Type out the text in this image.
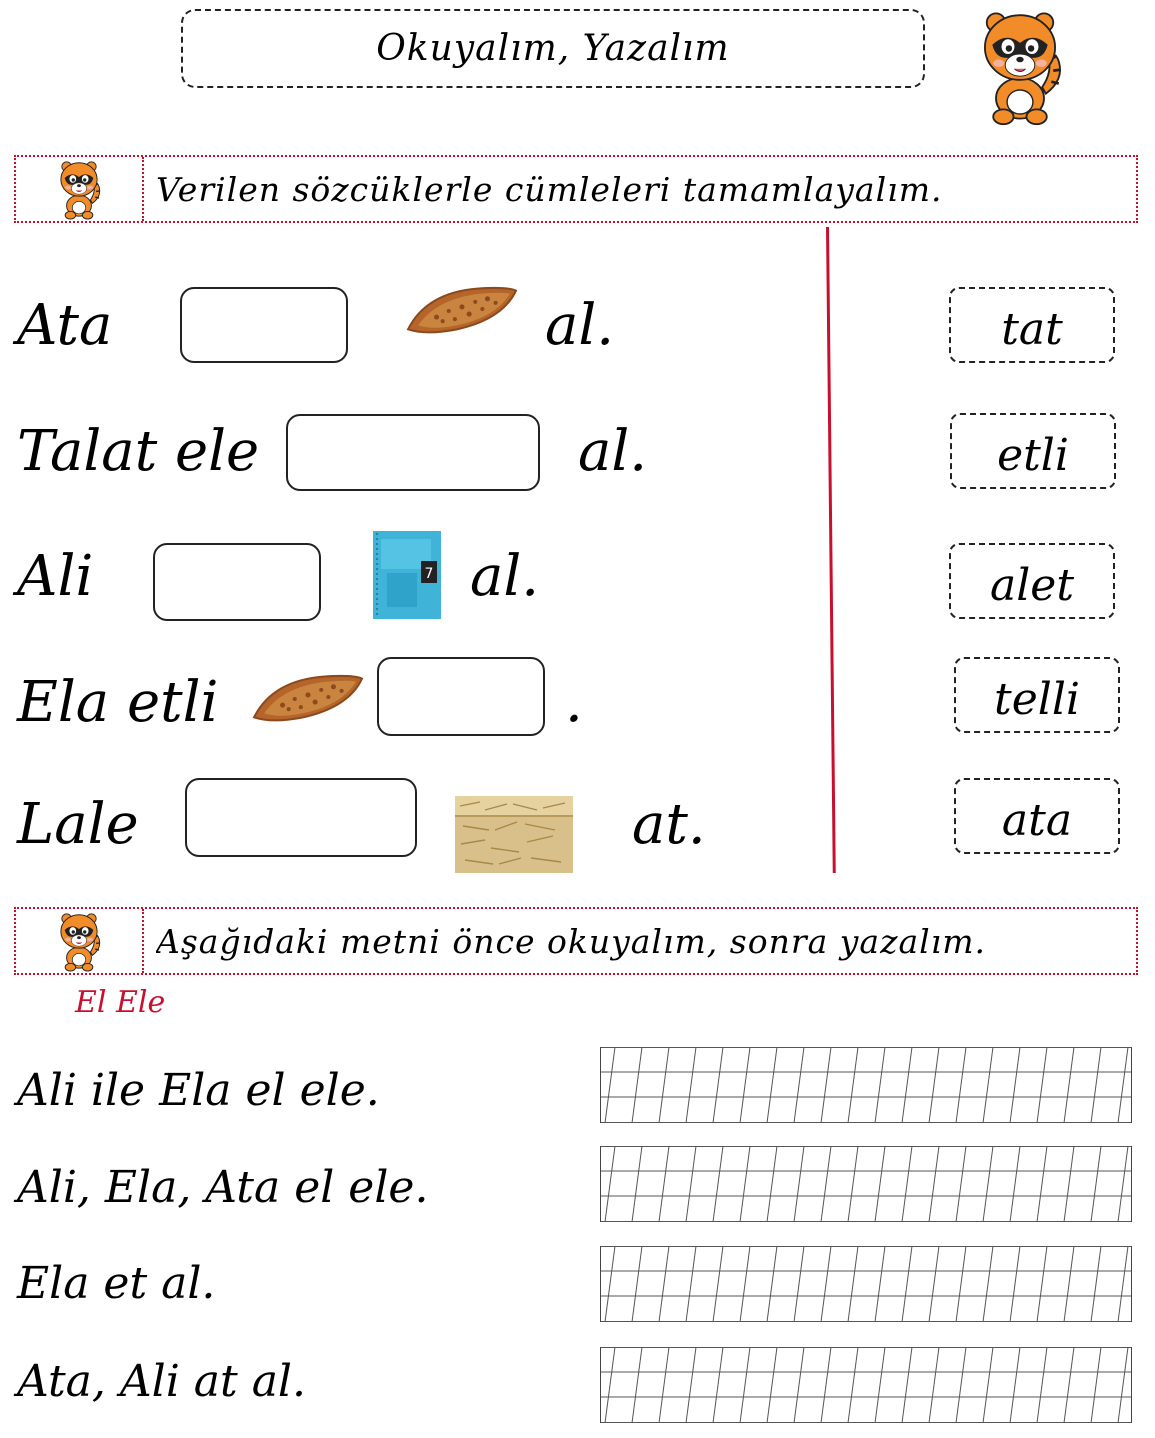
Okuyalım, Yazalım
Verilen sözcüklerle cümleleri tamamlayalım.
Ata	al.
Talat ele	al.
Ali	7 al.
Ela etli	.
Lale	at.
tat
etli
alet
telli
ata
Aşağıdaki metni önce okuyalım, sonra yazalım.
El Ele
Ali ile Ela el ele.
Ali, Ela, Ata el ele.
Ela et al.
Ata, Ali at al.
